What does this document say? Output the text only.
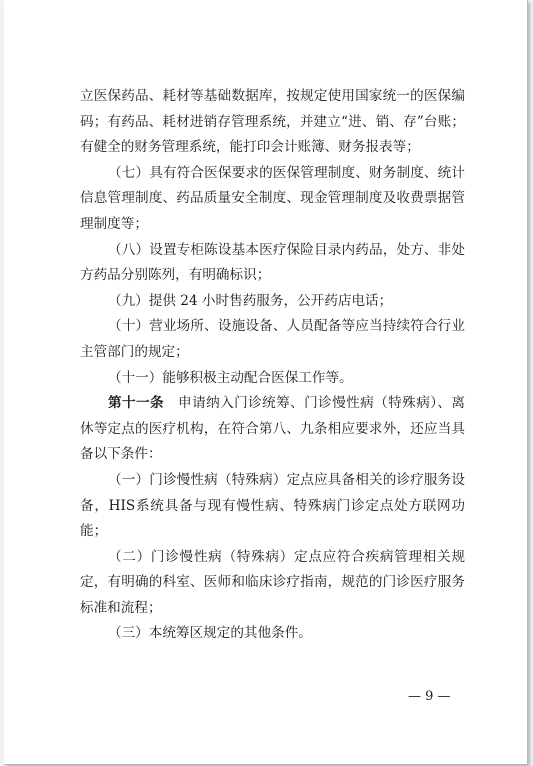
立医保药品、耗材等基础数据库，按规定使用国家统一的医保编码；有药品、耗材进销存管理系统，并建立“进、销、存”台账；有健全的财务管理系统，能打印会计账簿、财务报表等；

（七）具有符合医保要求的医保管理制度、财务制度、统计信息管理制度、药品质量安全制度、现金管理制度及收费票据管理制度等；

（八）设置专柜陈设基本医疗保险目录内药品，处方、非处方药品分别陈列，有明确标识；

（九）提供 24 小时售药服务，公开药店电话；

（十）营业场所、设施设备、人员配备等应当持续符合行业主管部门的规定；

（十一）能够积极主动配合医保工作等。

第十一条　申请纳入门诊统筹、门诊慢性病（特殊病）、离休等定点的医疗机构，在符合第八、九条相应要求外，还应当具备以下条件：

（一）门诊慢性病（特殊病）定点应具备相关的诊疗服务设备，HIS系统具备与现有慢性病、特殊病门诊定点处方联网功能；

（二）门诊慢性病（特殊病）定点应符合疾病管理相关规定，有明确的科室、医师和临床诊疗指南，规范的门诊医疗服务标准和流程；

（三）本统筹区规定的其他条件。

— 9 —
